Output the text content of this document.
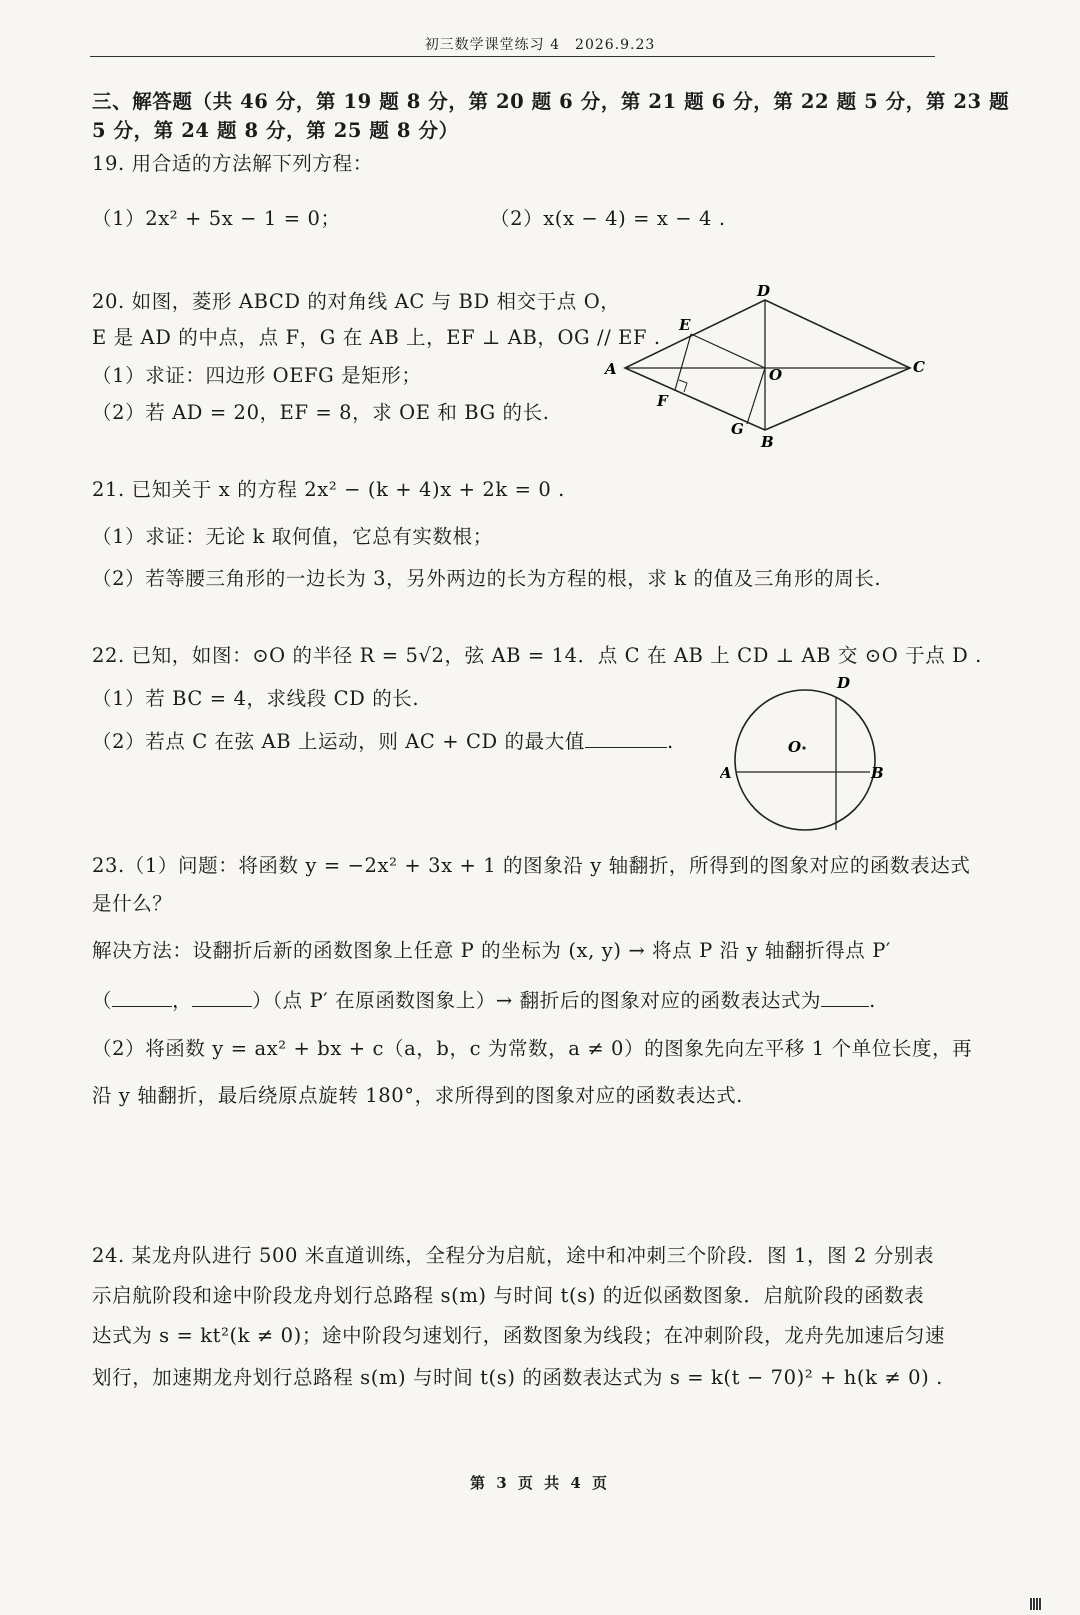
初三数学课堂练习 4　2026.9.23
三、解答题（共 46 分，第 19 题 8 分，第 20 题 6 分，第 21 题 6 分，第 22 题 5 分，第 23 题
5 分，第 24 题 8 分，第 25 题 8 分）
19. 用合适的方法解下列方程：
（1）2x² + 5x − 1 = 0；	（2）x(x − 4) = x − 4 .
20. 如图，菱形 ABCD 的对角线 AC 与 BD 相交于点 O，
E 是 AD 的中点，点 F，G 在 AB 上，EF ⊥ AB，OG // EF .
（1）求证：四边形 OEFG 是矩形；
（2）若 AD = 20，EF = 8，求 OE 和 BG 的长.
D
E
A	O	C
F
G
B
21. 已知关于 x 的方程 2x² − (k + 4)x + 2k = 0 .
（1）求证：无论 k 取何值，它总有实数根；
（2）若等腰三角形的一边长为 3，另外两边的长为方程的根，求 k 的值及三角形的周长.
22. 已知，如图：⊙O 的半径 R = 5√2，弦 AB = 14．点 C 在 AB 上 CD ⊥ AB 交 ⊙O 于点 D .
（1）若 BC = 4，求线段 CD 的长.
（2）若点 C 在弦 AB 上运动，则 AC + CD 的最大值	.
D
O
A	B
23.（1）问题：将函数 y = −2x² + 3x + 1 的图象沿 y 轴翻折，所得到的图象对应的函数表达式
是什么？
解决方法：设翻折后新的函数图象上任意 P 的坐标为 (x, y) → 将点 P 沿 y 轴翻折得点 P′
（	，	）（点 P′ 在原函数图象上）→ 翻折后的图象对应的函数表达式为 .
（2）将函数 y = ax² + bx + c（a，b，c 为常数，a ≠ 0）的图象先向左平移 1 个单位长度，再
沿 y 轴翻折，最后绕原点旋转 180°，求所得到的图象对应的函数表达式.
24. 某龙舟队进行 500 米直道训练，全程分为启航，途中和冲刺三个阶段．图 1，图 2 分别表
示启航阶段和途中阶段龙舟划行总路程 s(m) 与时间 t(s) 的近似函数图象．启航阶段的函数表
达式为 s = kt²(k ≠ 0)；途中阶段匀速划行，函数图象为线段；在冲刺阶段，龙舟先加速后匀速
划行，加速期龙舟划行总路程 s(m) 与时间 t(s) 的函数表达式为 s = k(t − 70)² + h(k ≠ 0) .
第 3 页 共 4 页
